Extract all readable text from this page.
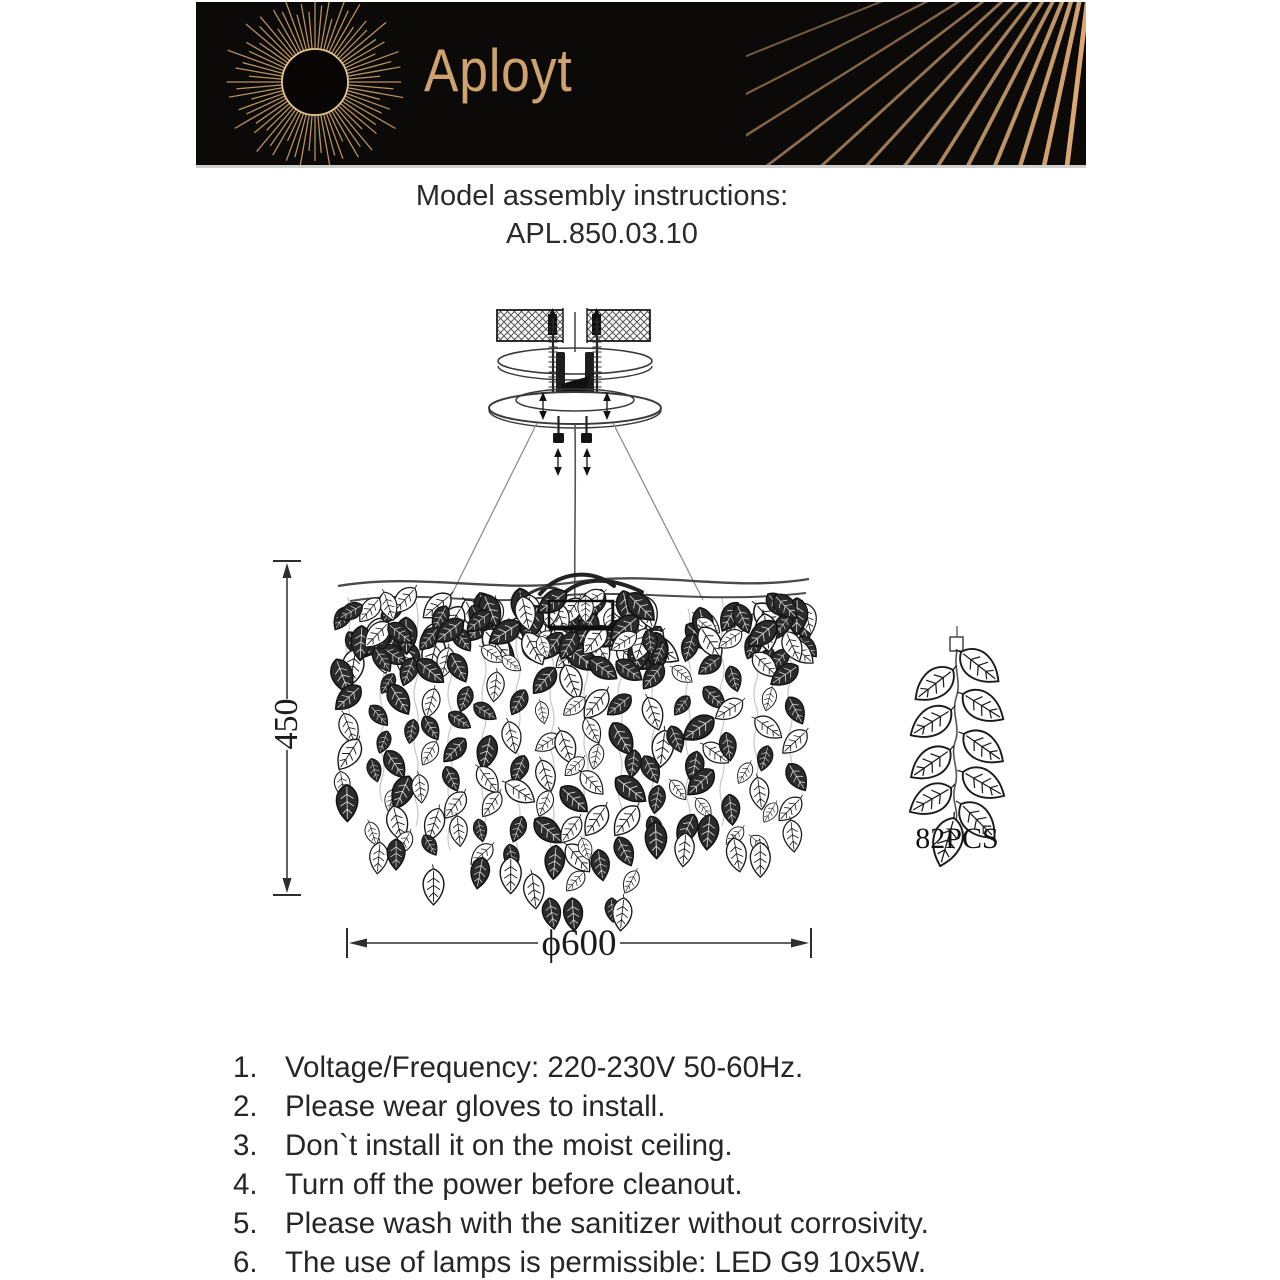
Aployt
Model assembly instructions:
APL.850.03.10
450
ϕ600
82PCS
1. Voltage/Frequency: 220-230V 50-60Hz.
2. Please wear gloves to install.
3. Don`t install it on the moist ceiling.
4. Turn off the power before cleanout.
5. Please wash with the sanitizer without corrosivity.
6. The use of lamps is permissible: LED G9 10x5W.
